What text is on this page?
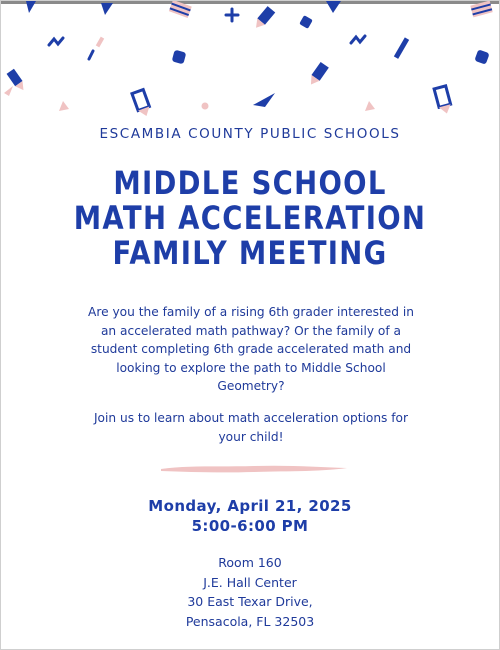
ESCAMBIA COUNTY PUBLIC SCHOOLS
MIDDLE SCHOOL
MATH ACCELERATION
FAMILY MEETING
Are you the family of a rising 6th grader interested in
an accelerated math pathway? Or the family of a
student completing 6th grade accelerated math and
looking to explore the path to Middle School
Geometry?
Join us to learn about math acceleration options for
your child!
Monday, April 21, 2025
5:00-6:00 PM
Room 160
J.E. Hall Center
30 East Texar Drive,
Pensacola, FL 32503
